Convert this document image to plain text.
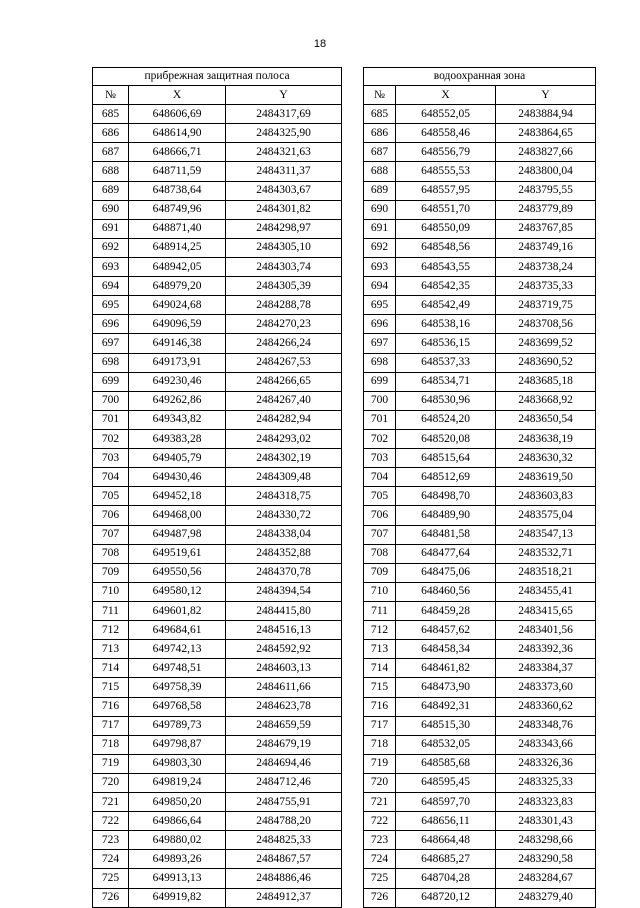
18
прибрежная защитная полоса				водоохранная зона		
№	X	Y		№	X	Y
685	648606,69	2484317,69		685	648552,05	2483884,94
686	648614,90	2484325,90		686	648558,46	2483864,65
687	648666,71	2484321,63		687	648556,79	2483827,66
688	648711,59	2484311,37		688	648555,53	2483800,04
689	648738,64	2484303,67		689	648557,95	2483795,55
690	648749,96	2484301,82		690	648551,70	2483779,89
691	648871,40	2484298,97		691	648550,09	2483767,85
692	648914,25	2484305,10		692	648548,56	2483749,16
693	648942,05	2484303,74		693	648543,55	2483738,24
694	648979,20	2484305,39		694	648542,35	2483735,33
695	649024,68	2484288,78		695	648542,49	2483719,75
696	649096,59	2484270,23		696	648538,16	2483708,56
697	649146,38	2484266,24		697	648536,15	2483699,52
698	649173,91	2484267,53		698	648537,33	2483690,52
699	649230,46	2484266,65		699	648534,71	2483685,18
700	649262,86	2484267,40		700	648530,96	2483668,92
701	649343,82	2484282,94		701	648524,20	2483650,54
702	649383,28	2484293,02		702	648520,08	2483638,19
703	649405,79	2484302,19		703	648515,64	2483630,32
704	649430,46	2484309,48		704	648512,69	2483619,50
705	649452,18	2484318,75		705	648498,70	2483603,83
706	649468,00	2484330,72		706	648489,90	2483575,04
707	649487,98	2484338,04		707	648481,58	2483547,13
708	649519,61	2484352,88		708	648477,64	2483532,71
709	649550,56	2484370,78		709	648475,06	2483518,21
710	649580,12	2484394,54		710	648460,56	2483455,41
711	649601,82	2484415,80		711	648459,28	2483415,65
712	649684,61	2484516,13		712	648457,62	2483401,56
713	649742,13	2484592,92		713	648458,34	2483392,36
714	649748,51	2484603,13		714	648461,82	2483384,37
715	649758,39	2484611,66		715	648473,90	2483373,60
716	649768,58	2484623,78		716	648492,31	2483360,62
717	649789,73	2484659,59		717	648515,30	2483348,76
718	649798,87	2484679,19		718	648532,05	2483343,66
719	649803,30	2484694,46		719	648585,68	2483326,36
720	649819,24	2484712,46		720	648595,45	2483325,33
721	649850,20	2484755,91		721	648597,70	2483323,83
722	649866,64	2484788,20		722	648656,11	2483301,43
723	649880,02	2484825,33		723	648664,48	2483298,66
724	649893,26	2484867,57		724	648685,27	2483290,58
725	649913,13	2484886,46		725	648704,28	2483284,67
726	649919,82	2484912,37		726	648720,12	2483279,40
